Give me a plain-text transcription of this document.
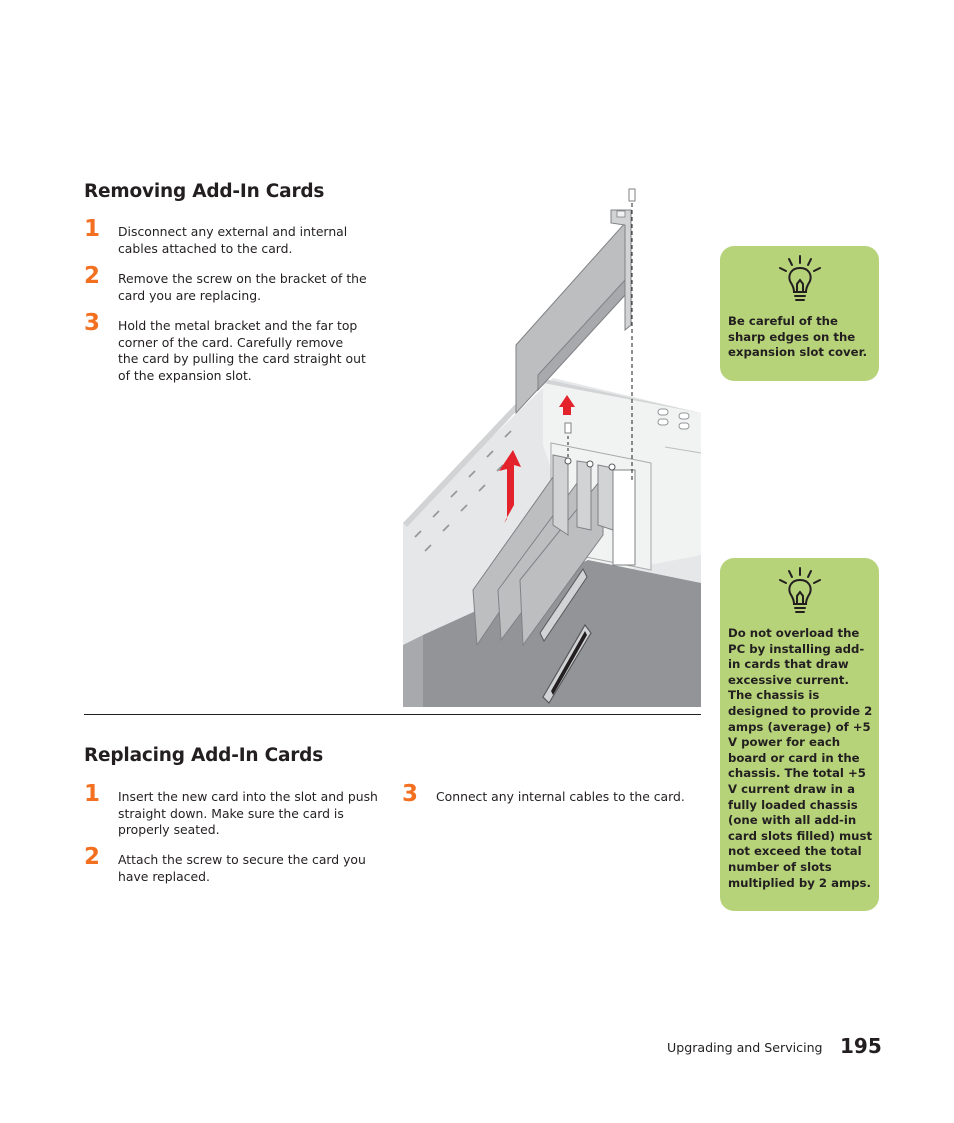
Removing Add-In Cards
1 Disconnect any external and internal cables attached to the card.
2 Remove the screw on the bracket of the card you are replacing.
3 Hold the metal bracket and the far top corner of the card. Carefully remove the card by pulling the card straight out of the expansion slot.
Replacing Add-In Cards
1 Insert the new card into the slot and push straight down. Make sure the card is properly seated.
2 Attach the screw to secure the card you have replaced.
3 Connect any internal cables to the card.
Be careful of the sharp edges on the expansion slot cover.
Do not overload the PC by installing add-in cards that draw excessive current. The chassis is designed to provide 2 amps (average) of +5 V power for each board or card in the chassis. The total +5 V current draw in a fully loaded chassis (one with all add-in card slots filled) must not exceed the total number of slots multiplied by 2 amps.
Upgrading and Servicing 195
